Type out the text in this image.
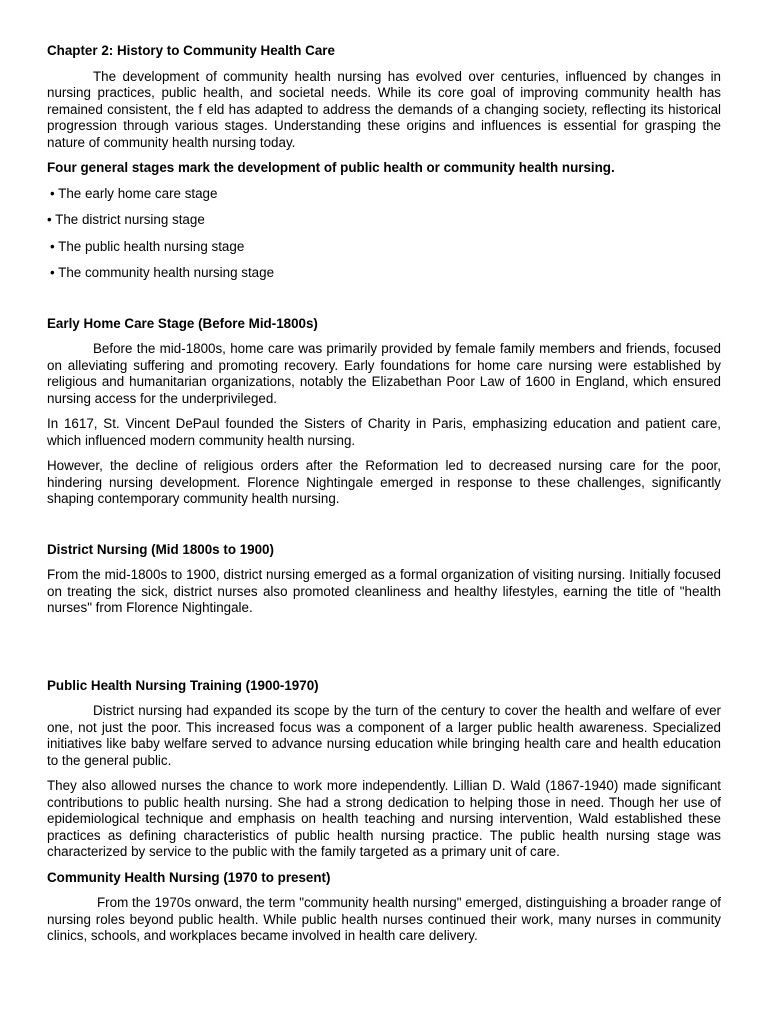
Chapter 2: History to Community Health Care

The development of community health nursing has evolved over centuries, influenced by changes in nursing practices, public health, and societal needs. While its core goal of improving community health has remained consistent, the f eld has adapted to address the demands of a changing society, reflecting its historical progression through various stages. Understanding these origins and influences is essential for grasping the nature of community health nursing today.

Four general stages mark the development of public health or community health nursing.
• The early home care stage
• The district nursing stage
• The public health nursing stage
• The community health nursing stage
Early Home Care Stage (Before Mid-1800s)

Before the mid-1800s, home care was primarily provided by female family members and friends, focused on alleviating suffering and promoting recovery. Early foundations for home care nursing were established by religious and humanitarian organizations, notably the Elizabethan Poor Law of 1600 in England, which ensured nursing access for the underprivileged.

In 1617, St. Vincent DePaul founded the Sisters of Charity in Paris, emphasizing education and patient care, which influenced modern community health nursing.

However, the decline of religious orders after the Reformation led to decreased nursing care for the poor, hindering nursing development. Florence Nightingale emerged in response to these challenges, significantly shaping contemporary community health nursing.

District Nursing (Mid 1800s to 1900)

From the mid-1800s to 1900, district nursing emerged as a formal organization of visiting nursing. Initially focused on treating the sick, district nurses also promoted cleanliness and healthy lifestyles, earning the title of "health nurses" from Florence Nightingale.

Public Health Nursing Training (1900-1970)

District nursing had expanded its scope by the turn of the century to cover the health and welfare of ever one, not just the poor. This increased focus was a component of a larger public health awareness. Specialized initiatives like baby welfare served to advance nursing education while bringing health care and health education to the general public.

They also allowed nurses the chance to work more independently. Lillian D. Wald (1867-1940) made significant contributions to public health nursing. She had a strong dedication to helping those in need. Though her use of epidemiological technique and emphasis on health teaching and nursing intervention, Wald established these practices as defining characteristics of public health nursing practice. The public health nursing stage was characterized by service to the public with the family targeted as a primary unit of care.

Community Health Nursing (1970 to present)

From the 1970s onward, the term "community health nursing" emerged, distinguishing a broader range of nursing roles beyond public health. While public health nurses continued their work, many nurses in community clinics, schools, and workplaces became involved in health care delivery.
